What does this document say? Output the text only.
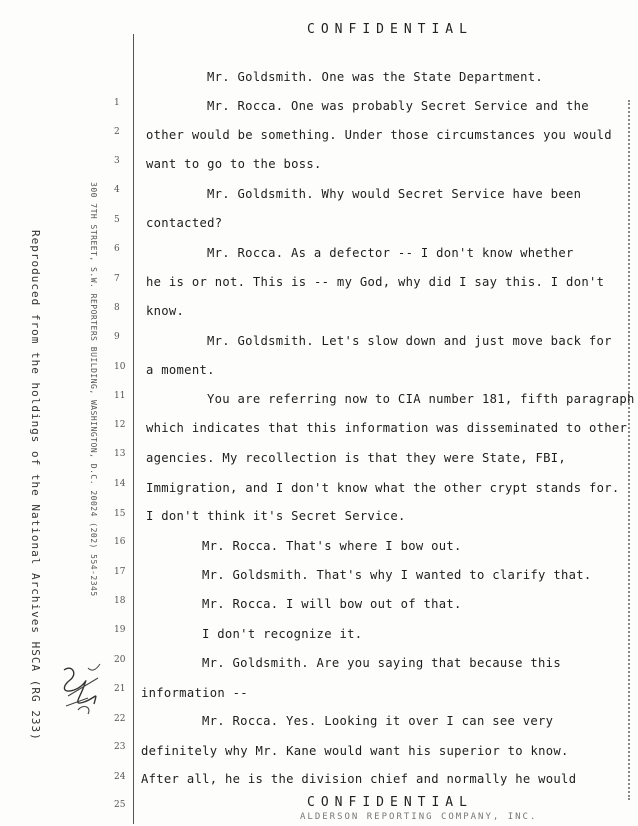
CONFIDENTIAL
Reproduced from the holdings of the National Archives HSCA (RG 233)	300 7TH STREET, S.W. REPORTERS BUILDING, WASHINGTON, D.C. 20024 (202) 554-2345
1
2
3
4
5
6
7
8
9
10
11
12
13
14
15
16
17
18
19
20
21
22
23
24
25
Mr. Goldsmith. One was the State Department.
Mr. Rocca. One was probably Secret Service and the
other would be something. Under those circumstances you would
want to go to the boss.
Mr. Goldsmith. Why would Secret Service have been
contacted?
Mr. Rocca. As a defector -- I don't know whether
he is or not. This is -- my God, why did I say this. I don't
know.
Mr. Goldsmith. Let's slow down and just move back for
a moment.
You are referring now to CIA number 181, fifth paragraph
which indicates that this information was disseminated to other
agencies. My recollection is that they were State, FBI,
Immigration, and I don't know what the other crypt stands for.
I don't think it's Secret Service.
Mr. Rocca. That's where I bow out.
Mr. Goldsmith. That's why I wanted to clarify that.
Mr. Rocca. I will bow out of that.
I don't recognize it.
Mr. Goldsmith. Are you saying that because this
information --
Mr. Rocca. Yes. Looking it over I can see very
definitely why Mr. Kane would want his superior to know.
After all, he is the division chief and normally he would
CONFIDENTIAL
ALDERSON REPORTING COMPANY, INC.
